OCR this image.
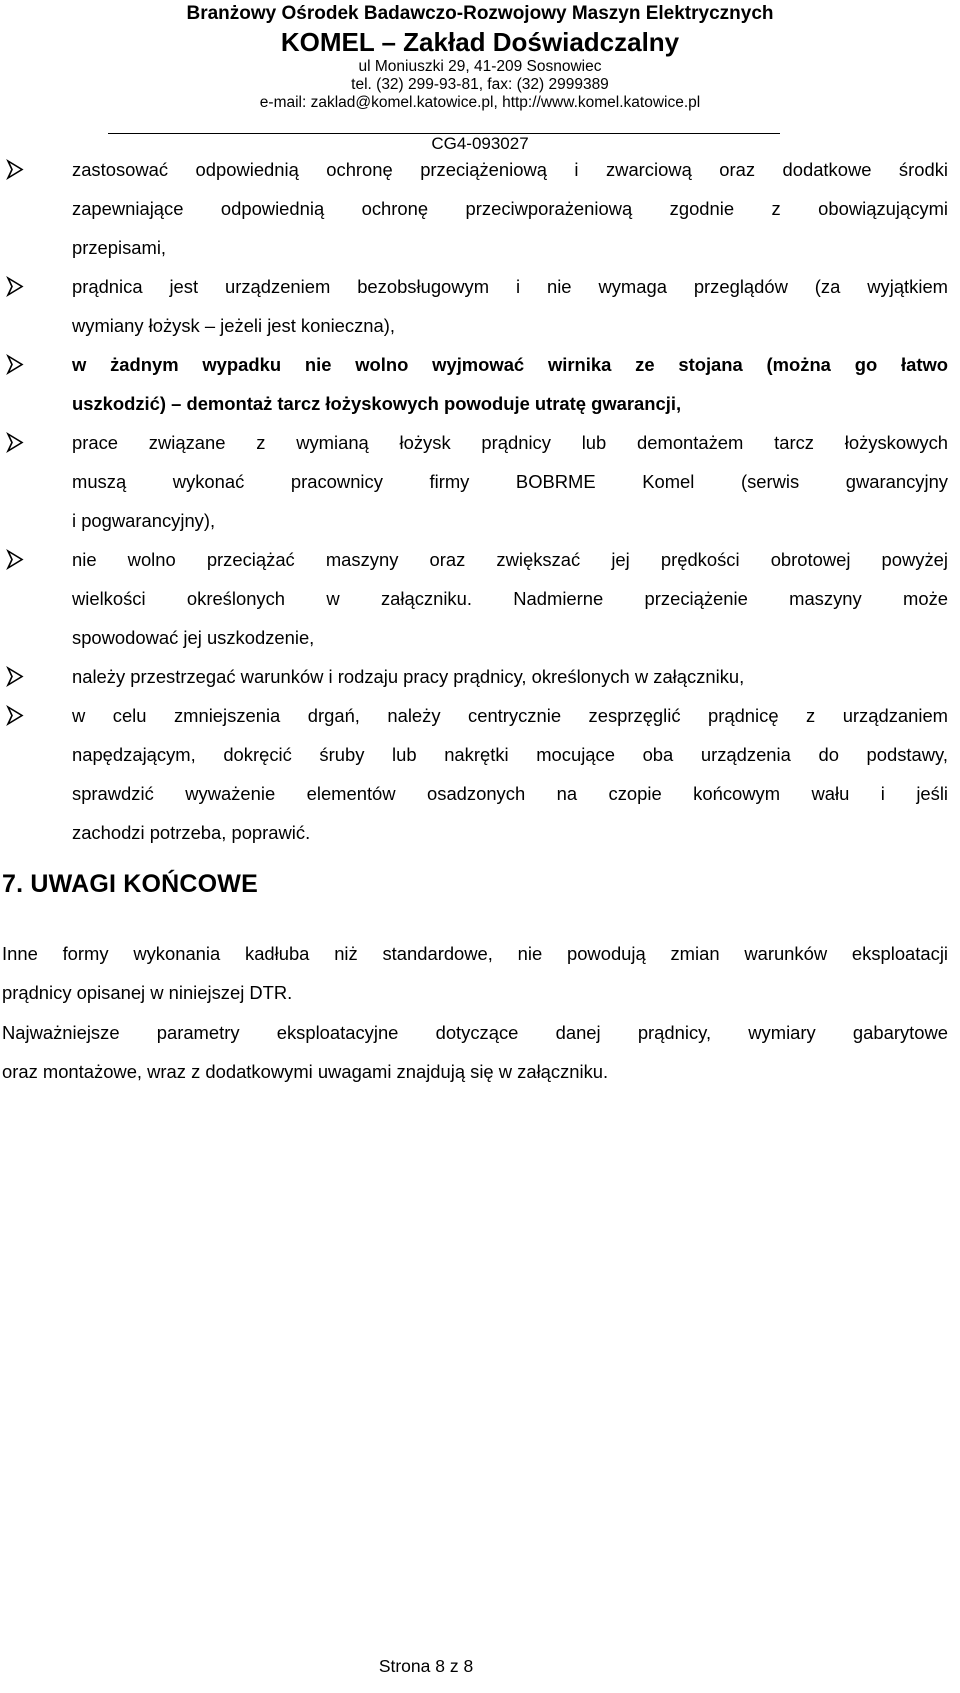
Branżowy Ośrodek Badawczo-Rozwojowy Maszyn Elektrycznych
KOMEL – Zakład Doświadczalny
ul Moniuszki 29, 41-209 Sosnowiec
tel. (32) 299-93-81, fax: (32) 2999389
e-mail: zaklad@komel.katowice.pl, http://www.komel.katowice.pl
CG4-093027
zastosować odpowiednią ochronę przeciążeniową i zwarciową oraz dodatkowe środki
zapewniające odpowiednią ochronę przeciwporażeniową zgodnie z obowiązującymi
przepisami,
prądnica jest urządzeniem bezobsługowym i nie wymaga przeglądów (za wyjątkiem
wymiany łożysk – jeżeli jest konieczna),
w żadnym wypadku nie wolno wyjmować wirnika ze stojana (można go łatwo
uszkodzić) – demontaż tarcz łożyskowych powoduje utratę gwarancji,
prace związane z wymianą łożysk prądnicy lub demontażem tarcz łożyskowych
muszą wykonać pracownicy firmy BOBRME Komel (serwis gwarancyjny
i pogwarancyjny),
nie wolno przeciążać maszyny oraz zwiększać jej prędkości obrotowej powyżej
wielkości określonych w załączniku. Nadmierne przeciążenie maszyny może
spowodować jej uszkodzenie,
należy przestrzegać warunków i rodzaju pracy prądnicy, określonych w załączniku,
w celu zmniejszenia drgań, należy centrycznie zesprzęglić prądnicę z urządzaniem
napędzającym, dokręcić śruby lub nakrętki mocujące oba urządzenia do podstawy,
sprawdzić wyważenie elementów osadzonych na czopie końcowym wału i jeśli
zachodzi potrzeba, poprawić.
7. UWAGI KOŃCOWE
Inne formy wykonania kadłuba niż standardowe, nie powodują zmian warunków eksploatacji
prądnicy opisanej w niniejszej DTR.
Najważniejsze parametry eksploatacyjne dotyczące danej prądnicy, wymiary gabarytowe
oraz montażowe, wraz z dodatkowymi uwagami znajdują się w załączniku.
Strona 8 z 8
